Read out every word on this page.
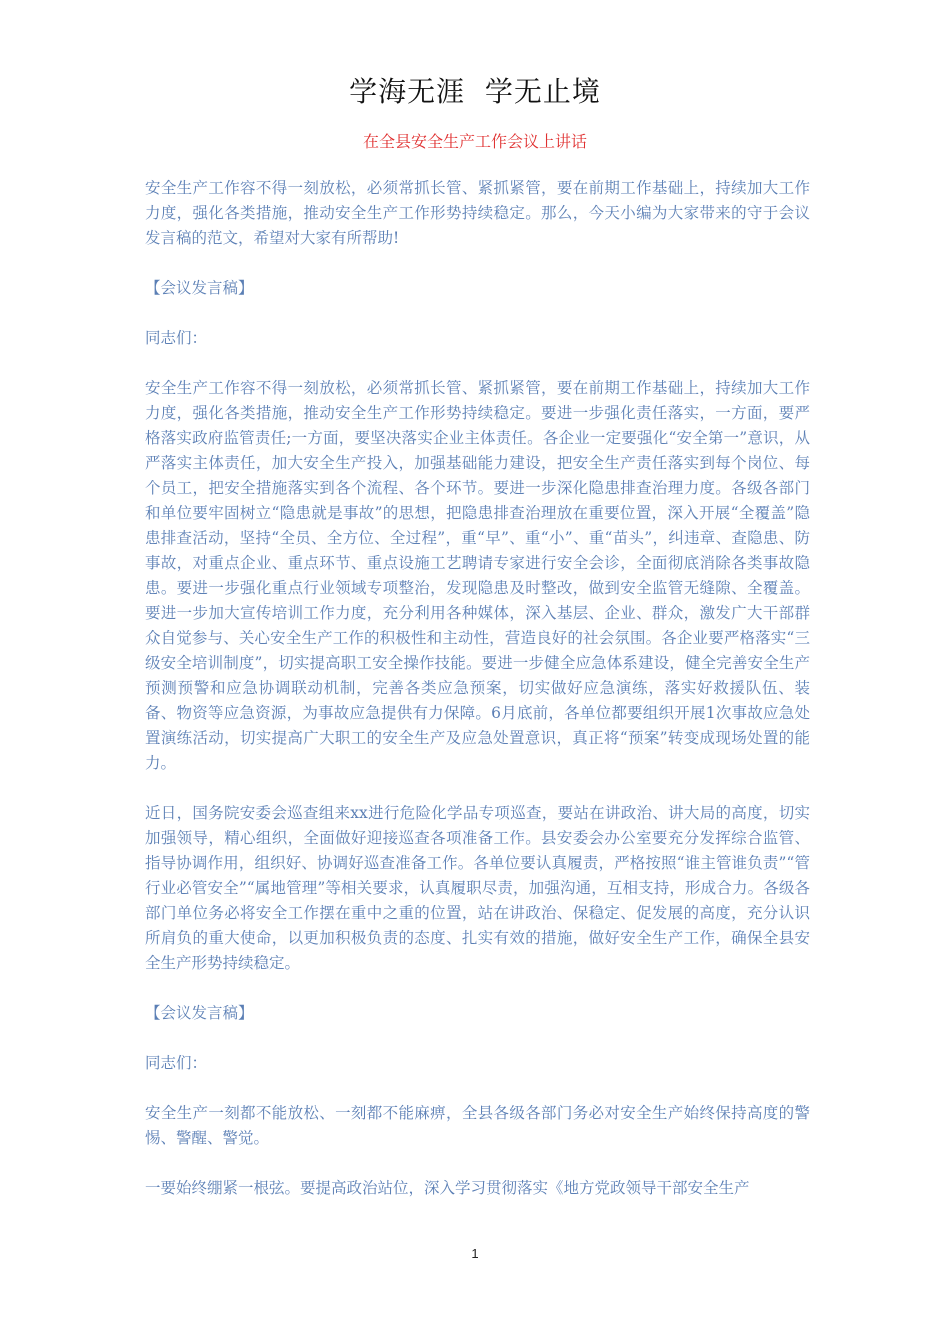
学海无涯  学无止境
在全县安全生产工作会议上讲话

安全生产工作容不得一刻放松，必须常抓长管、紧抓紧管，要在前期工作基础上，持续加大工作力度，强化各类措施，推动安全生产工作形势持续稳定。那么，今天小编为大家带来的守于会议发言稿的范文，希望对大家有所帮助!

【会议发言稿】

同志们：

安全生产工作容不得一刻放松，必须常抓长管、紧抓紧管，要在前期工作基础上，持续加大工作力度，强化各类措施，推动安全生产工作形势持续稳定。要进一步强化责任落实，一方面，要严格落实政府监管责任;一方面，要坚决落实企业主体责任。各企业一定要强化“安全第一”意识，从严落实主体责任，加大安全生产投入，加强基础能力建设，把安全生产责任落实到每个岗位、每个员工，把安全措施落实到各个流程、各个环节。要进一步深化隐患排查治理力度。各级各部门和单位要牢固树立“隐患就是事故”的思想，把隐患排查治理放在重要位置，深入开展“全覆盖”隐患排查活动，坚持“全员、全方位、全过程”，重“早”、重“小”、重“苗头”，纠违章、查隐患、防事故，对重点企业、重点环节、重点设施工艺聘请专家进行安全会诊，全面彻底消除各类事故隐患。要进一步强化重点行业领域专项整治，发现隐患及时整改，做到安全监管无缝隙、全覆盖。要进一步加大宣传培训工作力度，充分利用各种媒体，深入基层、企业、群众，激发广大干部群众自觉参与、关心安全生产工作的积极性和主动性，营造良好的社会氛围。各企业要严格落实“三级安全培训制度”，切实提高职工安全操作技能。要进一步健全应急体系建设，健全完善安全生产预测预警和应急协调联动机制，完善各类应急预案，切实做好应急演练，落实好救援队伍、装备、物资等应急资源，为事故应急提供有力保障。6月底前，各单位都要组织开展1次事故应急处置演练活动，切实提高广大职工的安全生产及应急处置意识，真正将“预案”转变成现场处置的能力。

近日，国务院安委会巡查组来xx进行危险化学品专项巡查，要站在讲政治、讲大局的高度，切实加强领导，精心组织，全面做好迎接巡查各项准备工作。县安委会办公室要充分发挥综合监管、指导协调作用，组织好、协调好巡查准备工作。各单位要认真履责，严格按照“谁主管谁负责”“管行业必管安全”“属地管理”等相关要求，认真履职尽责，加强沟通，互相支持，形成合力。各级各部门单位务必将安全工作摆在重中之重的位置，站在讲政治、保稳定、促发展的高度，充分认识所肩负的重大使命，以更加积极负责的态度、扎实有效的措施，做好安全生产工作，确保全县安全生产形势持续稳定。

【会议发言稿】

同志们：

安全生产一刻都不能放松、一刻都不能麻痹，全县各级各部门务必对安全生产始终保持高度的警惕、警醒、警觉。

一要始终绷紧一根弦。要提高政治站位，深入学习贯彻落实《地方党政领导干部安全生产

1
